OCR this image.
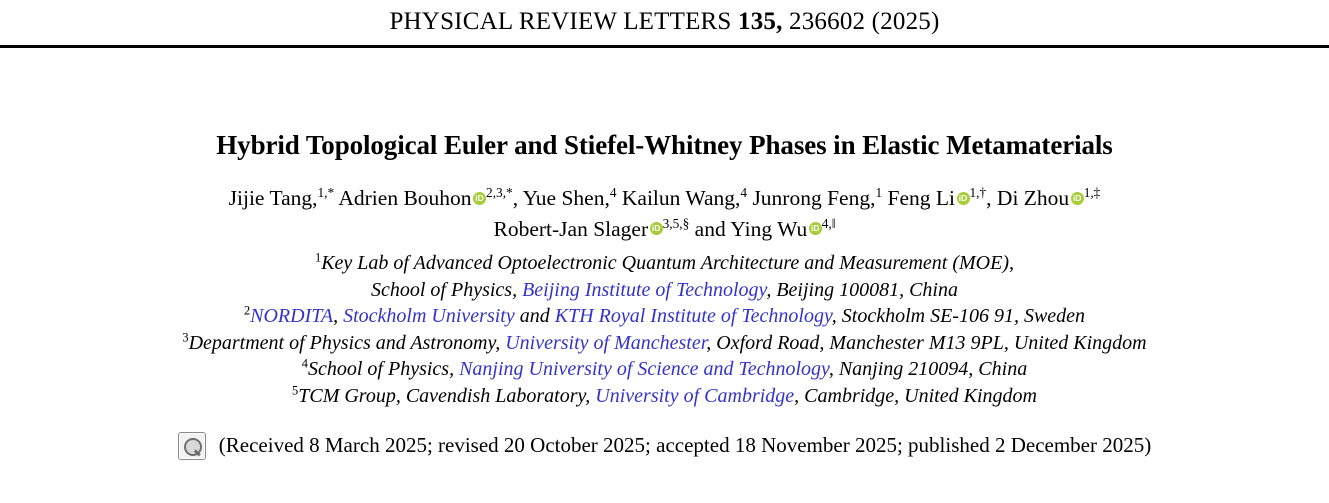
PHYSICAL REVIEW LETTERS 135, 236602 (2025)
Hybrid Topological Euler and Stiefel-Whitney Phases in Elastic Metamaterials
Jijie Tang,$^{1,*}$ Adrien Bouhon iD $^{2,3,*}$, Yue Shen,$^4$ Kailun Wang,$^4$ Junrong Feng,$^1$ Feng Li iD $^{1,\dagger}$, Di Zhou iD $^{1,\ddagger}$
Robert-Jan Slager iD $^{3,5,\S}$ and Ying Wu iD $^{4,‖}$
$^1$Key Lab of Advanced Optoelectronic Quantum Architecture and Measurement (MOE),
School of Physics, Beijing Institute of Technology, Beijing 100081, China
$^2$NORDITA, Stockholm University and KTH Royal Institute of Technology, Stockholm SE-106 91, Sweden
$^3$Department of Physics and Astronomy, University of Manchester, Oxford Road, Manchester M13 9PL, United Kingdom
$^4$School of Physics, Nanjing University of Science and Technology, Nanjing 210094, China
$^5$TCM Group, Cavendish Laboratory, University of Cambridge, Cambridge, United Kingdom
(Received 8 March 2025; revised 20 October 2025; accepted 18 November 2025; published 2 December 2025)
